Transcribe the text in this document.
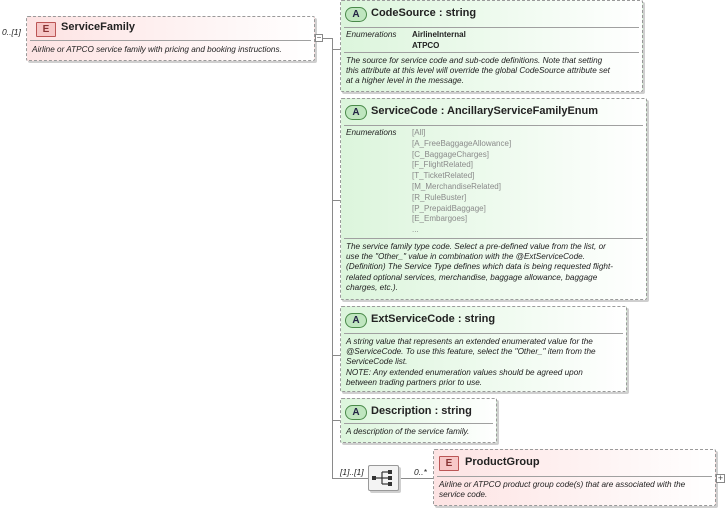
0..[1]	E	ServiceFamily
Airline or ATPCO service family with pricing and booking instructions.
−
A	CodeSource : string
Enumerations AirlineInternal
ATPCO
The source for service code and sub-code definitions. Note that setting
this attribute at this level will override the global CodeSource attribute set
at a higher level in the message.
A	ServiceCode : AncillaryServiceFamilyEnum
Enumerations [All]
[A_FreeBaggageAllowance]
[C_BaggageCharges]
[F_FlightRelated]
[T_TicketRelated]
[M_MerchandiseRelated]
[R_RuleBuster]
[P_PrepaidBaggage]
[E_Embargoes]
...
The service family type code. Select a pre-defined value from the list, or
use the "Other_" value in combination with the @ExtServiceCode.
(Definition) The Service Type defines which data is being requested flight-
related optional services, merchandise, baggage allowance, baggage
charges, etc.).
A	ExtServiceCode : string
A string value that represents an extended enumerated value for the
@ServiceCode. To use this feature, select the "Other_" item from the
ServiceCode list.
NOTE: Any extended enumeration values should be agreed upon
between trading partners prior to use.
A	Description : string
A description of the service family.
[1]..[1]	0..*
E	ProductGroup
Airline or ATPCO product group code(s) that are associated with the
service code.
+
